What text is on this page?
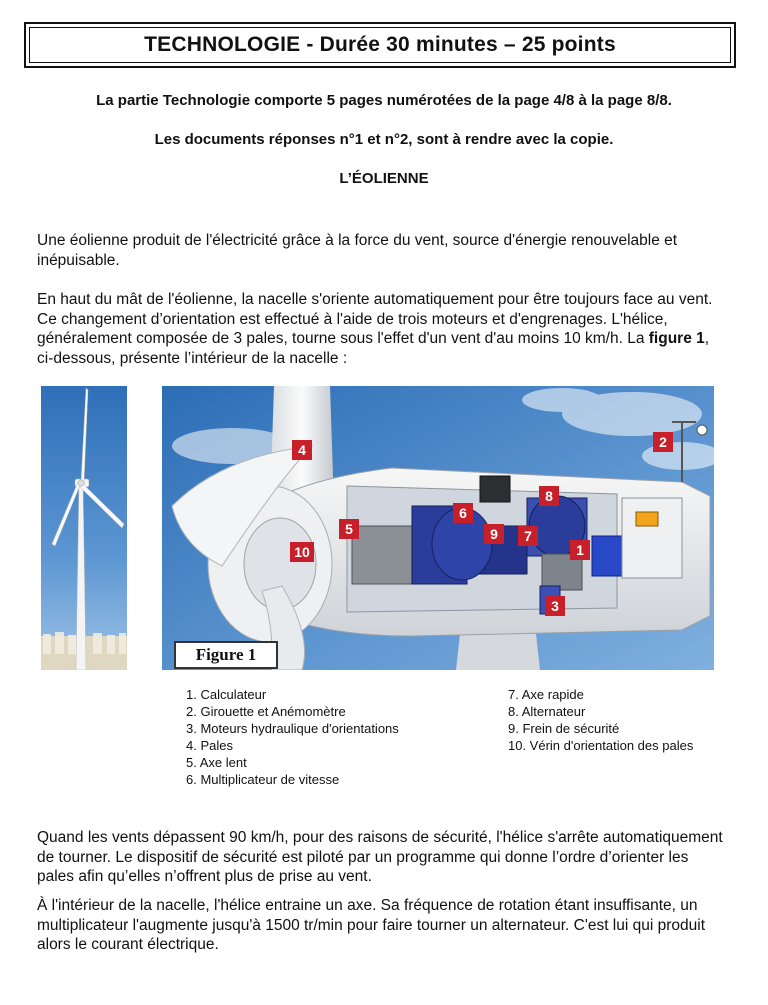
TECHNOLOGIE - Durée 30 minutes – 25 points
La partie Technologie comporte 5 pages numérotées de la page 4/8 à la page 8/8.
Les documents réponses n°1 et n°2, sont à rendre avec la copie.
L’ÉOLIENNE
Une éolienne produit de l'électricité grâce à la force du vent, source d'énergie renouvelable et inépuisable.
En haut du mât de l'éolienne, la nacelle s'oriente automatiquement pour être toujours face au vent. Ce changement d’orientation est effectué à l'aide de trois moteurs et d'engrenages. L'hélice, généralement composée de 3 pales, tourne sous l'effet d'un vent d'au moins 10 km/h. La figure 1, ci-dessous, présente l’intérieur de la nacelle :
4	2
8
6
5	9 7
1
10
3
Figure 1
1. Calculateur
2. Girouette et Anémomètre
3. Moteurs hydraulique d'orientations
4. Pales
5. Axe lent
6. Multiplicateur de vitesse
7. Axe rapide
8. Alternateur
9. Frein de sécurité
10. Vérin d'orientation des pales
Quand les vents dépassent 90 km/h, pour des raisons de sécurité, l'hélice s'arrête automatiquement de tourner. Le dispositif de sécurité est piloté par un programme qui donne l’ordre d’orienter les pales afin qu’elles n’offrent plus de prise au vent.
À l'intérieur de la nacelle, l'hélice entraine un axe. Sa fréquence de rotation étant insuffisante, un multiplicateur l'augmente jusqu'à 1500 tr/min pour faire tourner un alternateur. C'est lui qui produit alors le courant électrique.
